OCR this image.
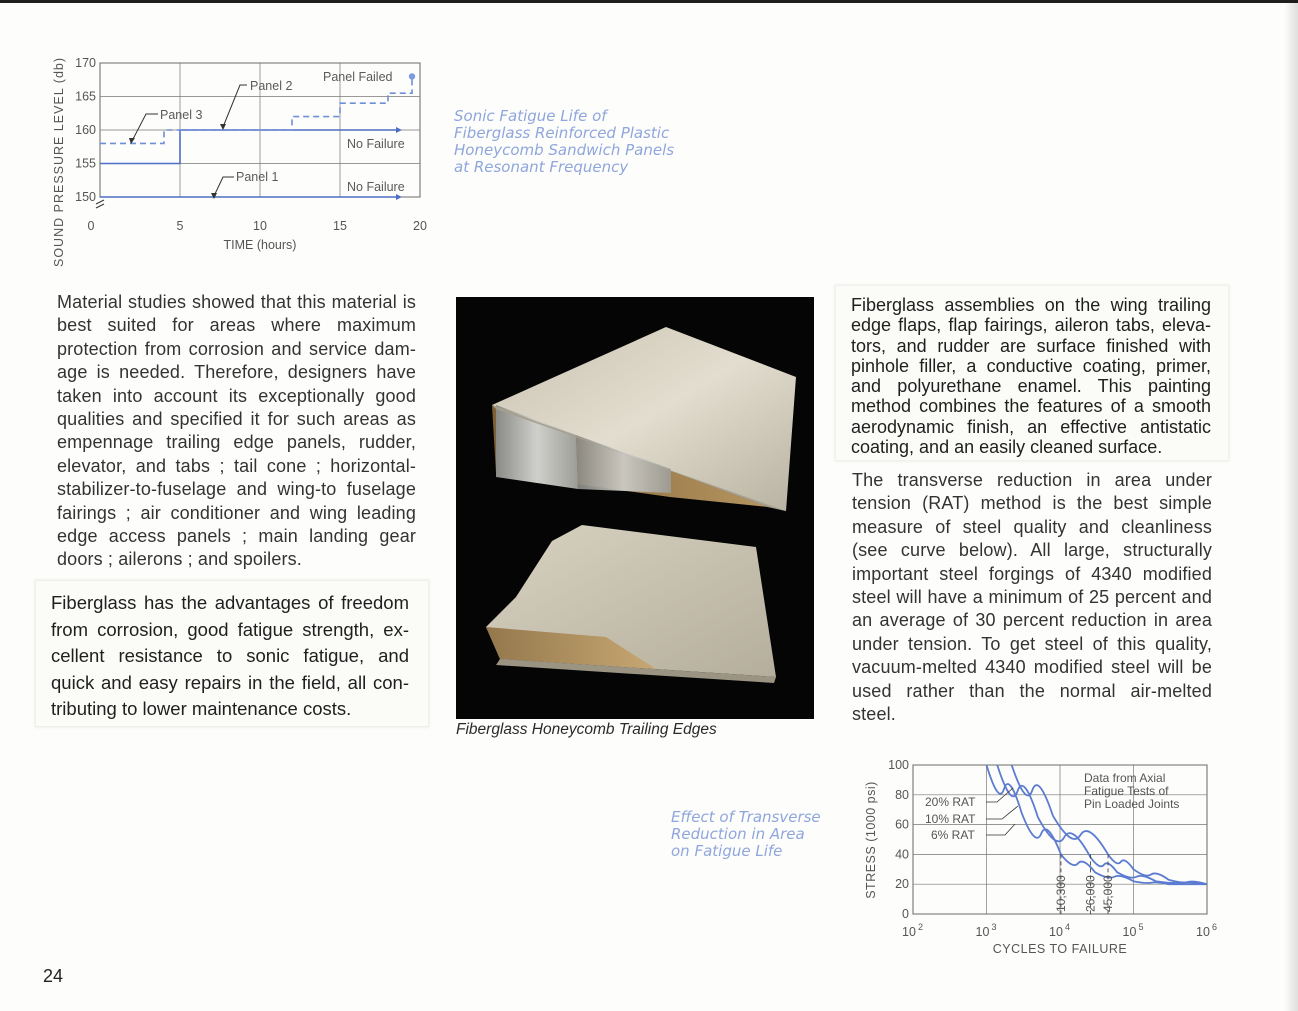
0	5	10	15	20
150
155
160
165
170
Panel Failed
Panel 2
Panel 3
No Failure
Panel 1
No Failure
TIME (hours)
SOUND PRESSURE LEVEL (db)	Sonic Fatigue Life of
Fiberglass Reinforced Plastic
Honeycomb Sandwich Panels
at Resonant Frequency
Material studies showed that this material is best suited for areas where maximum protection from corrosion and service dam-age is needed. Therefore, designers have taken into account its exceptionally good qualities and specified it for such areas as empennage trailing edge panels, rudder, elevator, and tabs ; tail cone ; horizontal-stabilizer-to-fuselage and wing-to fuselage fairings ; air conditioner and wing leading edge access panels ; main landing gear doors ; ailerons ; and spoilers.
Fiberglass has the advantages of freedom from corrosion, good fatigue strength, ex-cellent resistance to sonic fatigue, and quick and easy repairs in the field, all con-tributing to lower maintenance costs.
Fiberglass Honeycomb Trailing Edges
Fiberglass assemblies on the wing trailing edge flaps, flap fairings, aileron tabs, eleva-tors, and rudder are surface finished with pinhole filler, a conductive coating, primer, and polyurethane enamel. This painting method combines the features of a smooth aerodynamic finish, an effective antistatic coating, and an easily cleaned surface.
The transverse reduction in area under tension (RAT) method is the best simple measure of steel quality and cleanliness (see curve below). All large, structurally important steel forgings of 4340 modified steel will have a minimum of 25 percent and an average of 30 percent reduction in area under tension. To get steel of this quality, vacuum-melted 4340 modified steel will be used rather than the normal air-melted steel.
Effect of Transverse
Reduction in Area
on Fatigue Life
10 2	10 3	10 4	10 5	10 6
0
20
40
60
80
100
Data from Axial
Fatigue Tests of
Pin Loaded Joints
20% RAT
10% RAT
6% RAT
10,300 26,000 45,000
CYCLES TO FAILURE
STRESS (1000 psi)
24
